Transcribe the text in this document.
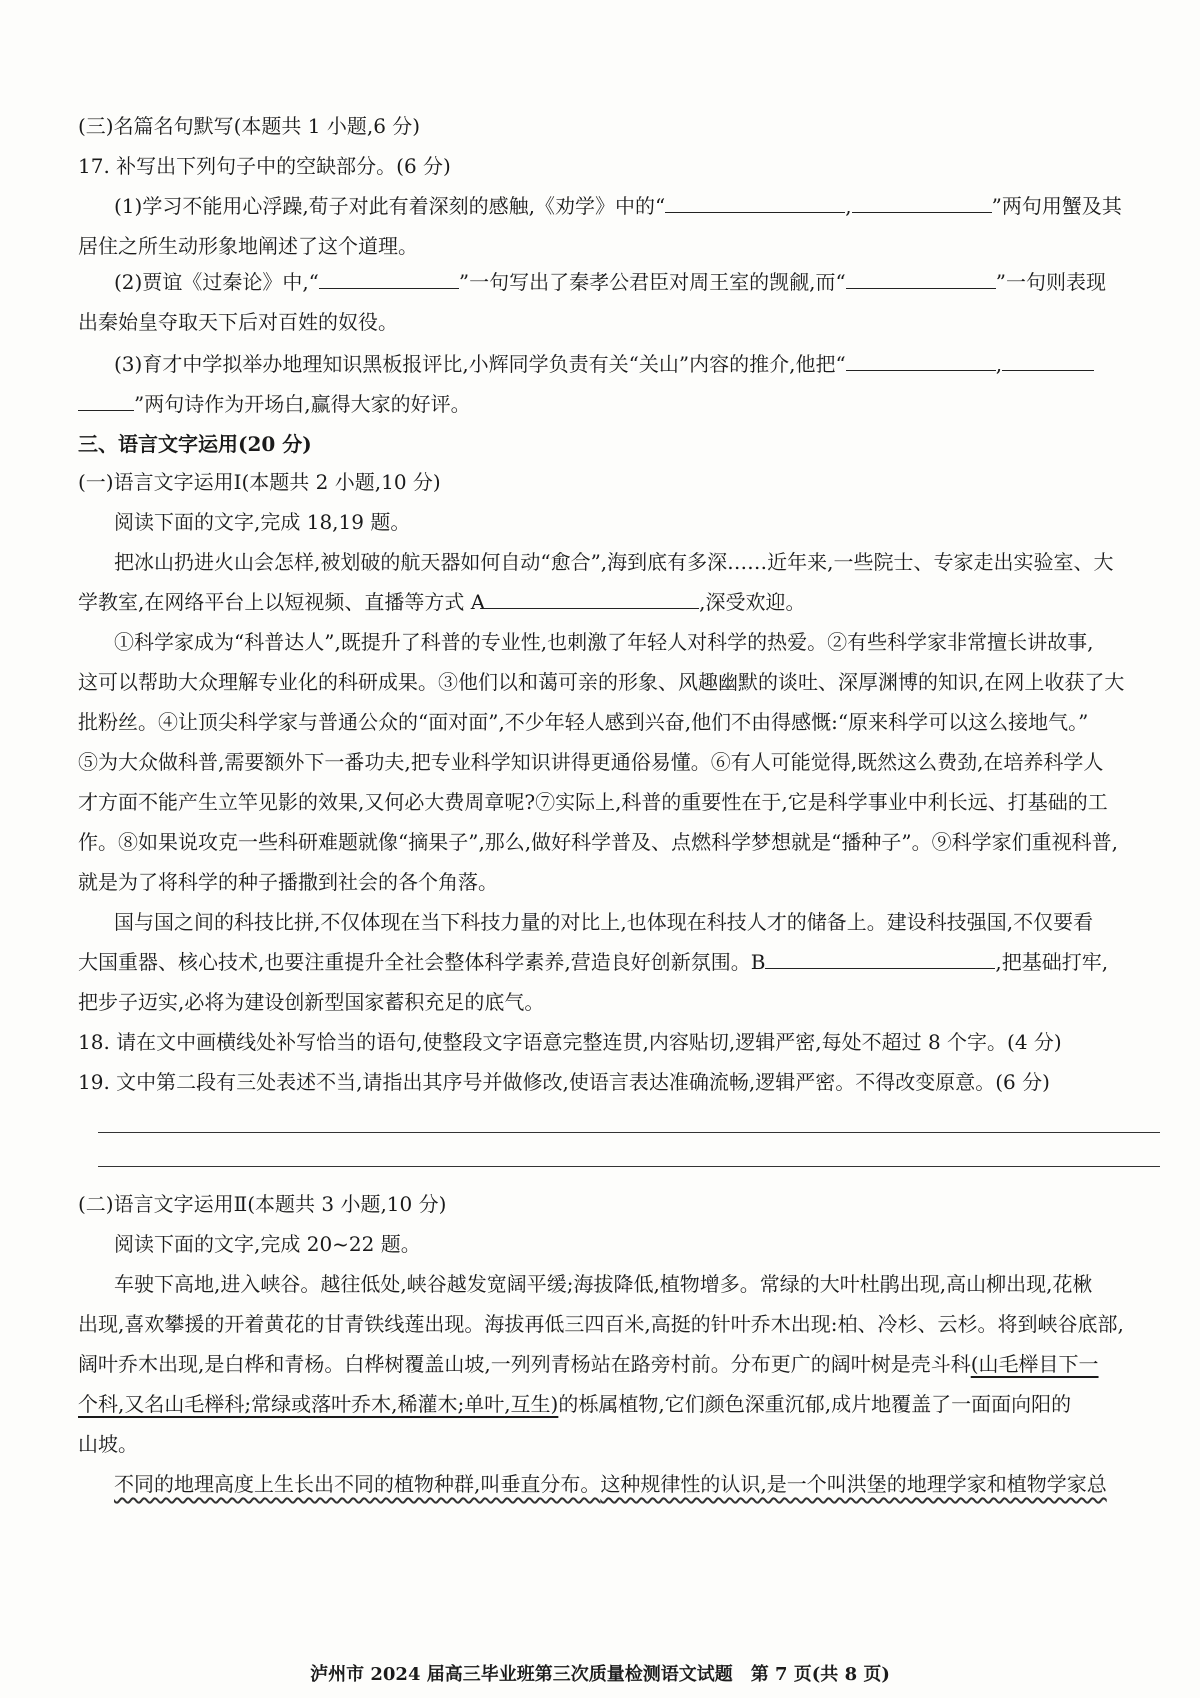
(三)名篇名句默写(本题共 1 小题,6 分)
17. 补写出下列句子中的空缺部分。(6 分)
(1)学习不能用心浮躁,荀子对此有着深刻的感触,《劝学》中的“	,	”两句用蟹及其
居住之所生动形象地阐述了这个道理。
(2)贾谊《过秦论》中,“	”一句写出了秦孝公君臣对周王室的觊觎,而“	”一句则表现
出秦始皇夺取天下后对百姓的奴役。
(3)育才中学拟举办地理知识黑板报评比,小辉同学负责有关“关山”内容的推介,他把“	,
”两句诗作为开场白,赢得大家的好评。
三、语言文字运用(20 分)
(一)语言文字运用Ⅰ(本题共 2 小题,10 分)
阅读下面的文字,完成 18,19 题。
把冰山扔进火山会怎样,被划破的航天器如何自动“愈合”,海到底有多深……近年来,一些院士、专家走出实验室、大
学教室,在网络平台上以短视频、直播等方式 A	,深受欢迎。
①科学家成为“科普达人”,既提升了科普的专业性,也刺激了年轻人对科学的热爱。②有些科学家非常擅长讲故事,
这可以帮助大众理解专业化的科研成果。③他们以和蔼可亲的形象、风趣幽默的谈吐、深厚渊博的知识,在网上收获了大
批粉丝。④让顶尖科学家与普通公众的“面对面”,不少年轻人感到兴奋,他们不由得感慨:“原来科学可以这么接地气。”
⑤为大众做科普,需要额外下一番功夫,把专业科学知识讲得更通俗易懂。⑥有人可能觉得,既然这么费劲,在培养科学人
才方面不能产生立竿见影的效果,又何必大费周章呢?⑦实际上,科普的重要性在于,它是科学事业中利长远、打基础的工
作。⑧如果说攻克一些科研难题就像“摘果子”,那么,做好科学普及、点燃科学梦想就是“播种子”。⑨科学家们重视科普,
就是为了将科学的种子播撒到社会的各个角落。
国与国之间的科技比拼,不仅体现在当下科技力量的对比上,也体现在科技人才的储备上。建设科技强国,不仅要看
大国重器、核心技术,也要注重提升全社会整体科学素养,营造良好创新氛围。B	,把基础打牢,
把步子迈实,必将为建设创新型国家蓄积充足的底气。
18. 请在文中画横线处补写恰当的语句,使整段文字语意完整连贯,内容贴切,逻辑严密,每处不超过 8 个字。(4 分)
19. 文中第二段有三处表述不当,请指出其序号并做修改,使语言表达准确流畅,逻辑严密。不得改变原意。(6 分)
(二)语言文字运用Ⅱ(本题共 3 小题,10 分)
阅读下面的文字,完成 20~22 题。
车驶下高地,进入峡谷。越往低处,峡谷越发宽阔平缓;海拔降低,植物增多。常绿的大叶杜鹃出现,高山柳出现,花楸
出现,喜欢攀援的开着黄花的甘青铁线莲出现。海拔再低三四百米,高挺的针叶乔木出现:柏、冷杉、云杉。将到峡谷底部,
阔叶乔木出现,是白桦和青杨。白桦树覆盖山坡,一列列青杨站在路旁村前。分布更广的阔叶树是壳斗科(山毛榉目下一
个科,又名山毛榉科;常绿或落叶乔木,稀灌木;单叶,互生)的栎属植物,它们颜色深重沉郁,成片地覆盖了一面面向阳的
山坡。
不同的地理高度上生长出不同的植物种群,叫垂直分布。这种规律性的认识,是一个叫洪堡的地理学家和植物学家总
泸州市 2024 届高三毕业班第三次质量检测语文试题　第 7 页(共 8 页)
